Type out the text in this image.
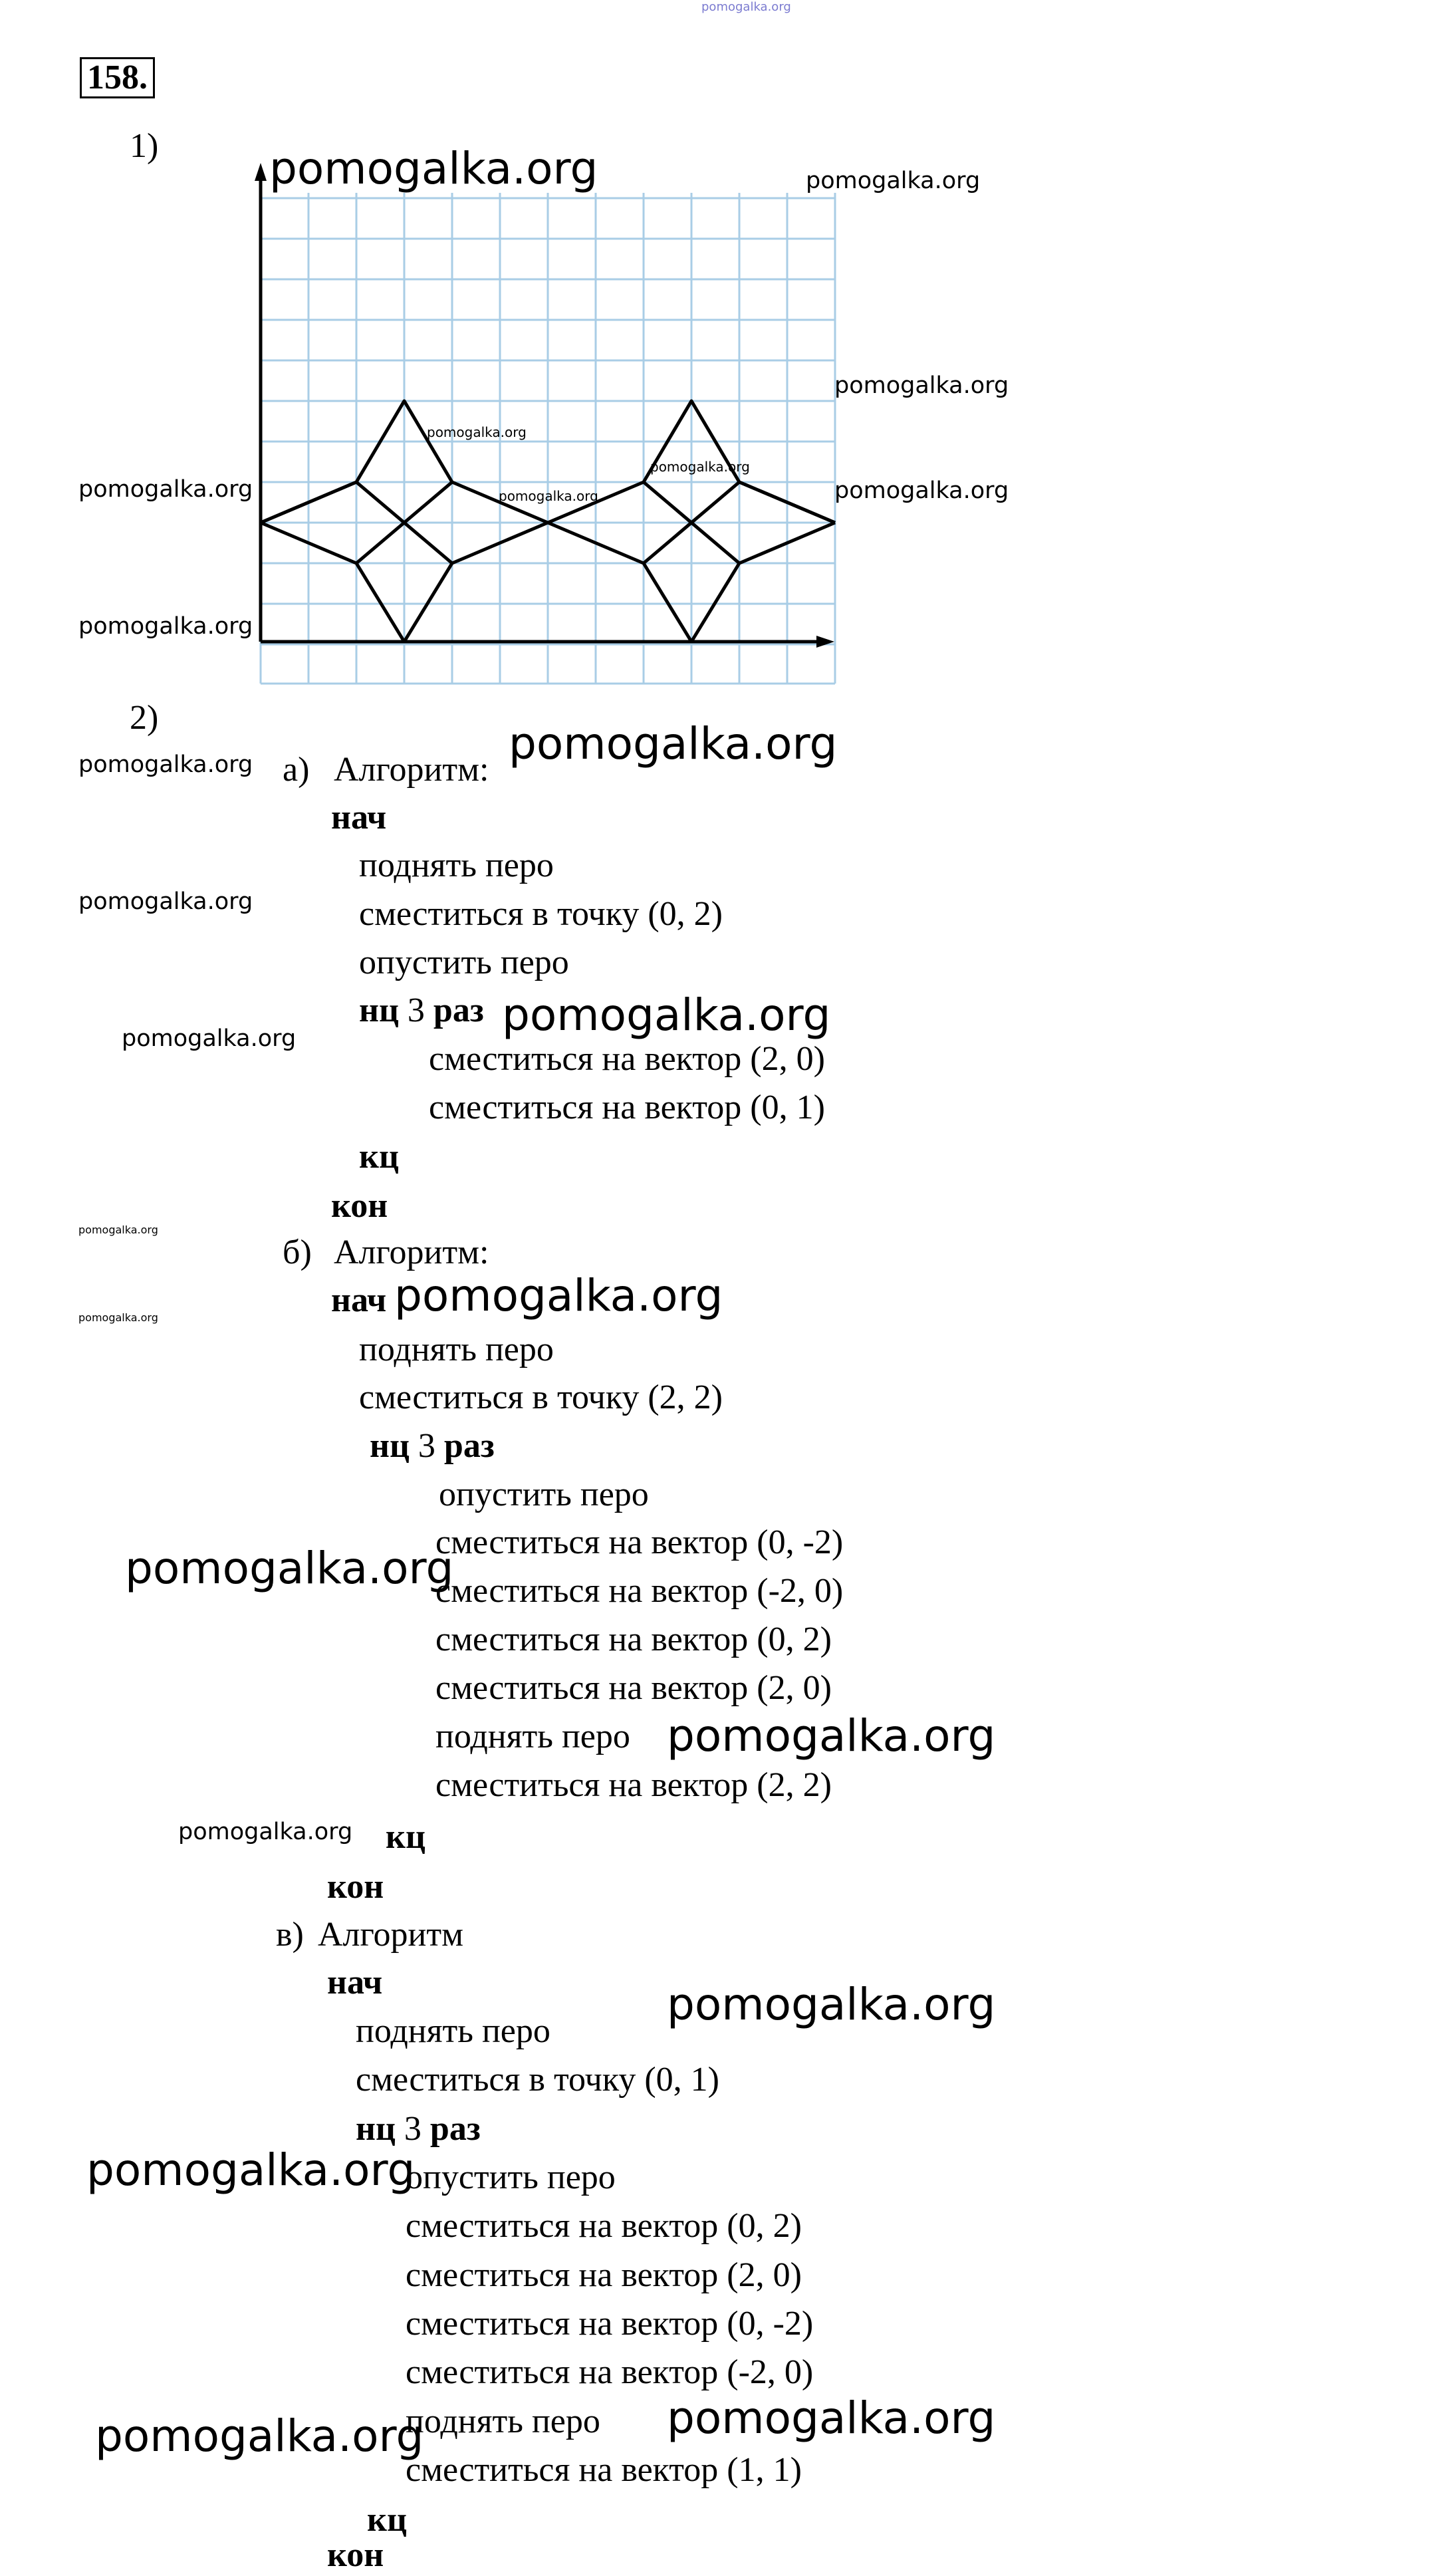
pomogalka.org
158.
1)	pomogalka.org	pomogalka.org
pomogalka.org
pomogalka.org
pomogalka.org
pomogalka.org
pomogalka.org
pomogalka.org
pomogalka.org
2)
а) Алгоритм:
нач
поднять перо
сместиться в точку (0, 2)
опустить перо
нц 3 раз
сместиться на вектор (2, 0)
сместиться на вектор (0, 1)
кц
кон
б) Алгоритм:
нач
поднять перо
сместиться в точку (2, 2)
нц 3 раз
опустить перо
сместиться на вектор (0, -2)
сместиться на вектор (-2, 0)
сместиться на вектор (0, 2)
сместиться на вектор (2, 0)
поднять перо
сместиться на вектор (2, 2)
кц
кон
в) Алгоритм
нач
поднять перо
сместиться в точку (0, 1)
нц 3 раз
опустить перо
сместиться на вектор (0, 2)
сместиться на вектор (2, 0)
сместиться на вектор (0, -2)
сместиться на вектор (-2, 0)
поднять перо
сместиться на вектор (1, 1)
кц
кон
pomogalka.org
pomogalka.org
pomogalka.org
pomogalka.org	pomogalka.org
pomogalka.org
pomogalka.org	pomogalka.org
pomogalka.org
pomogalka.org
pomogalka.org
pomogalka.org
pomogalka.org
pomogalka.org	pomogalka.org
